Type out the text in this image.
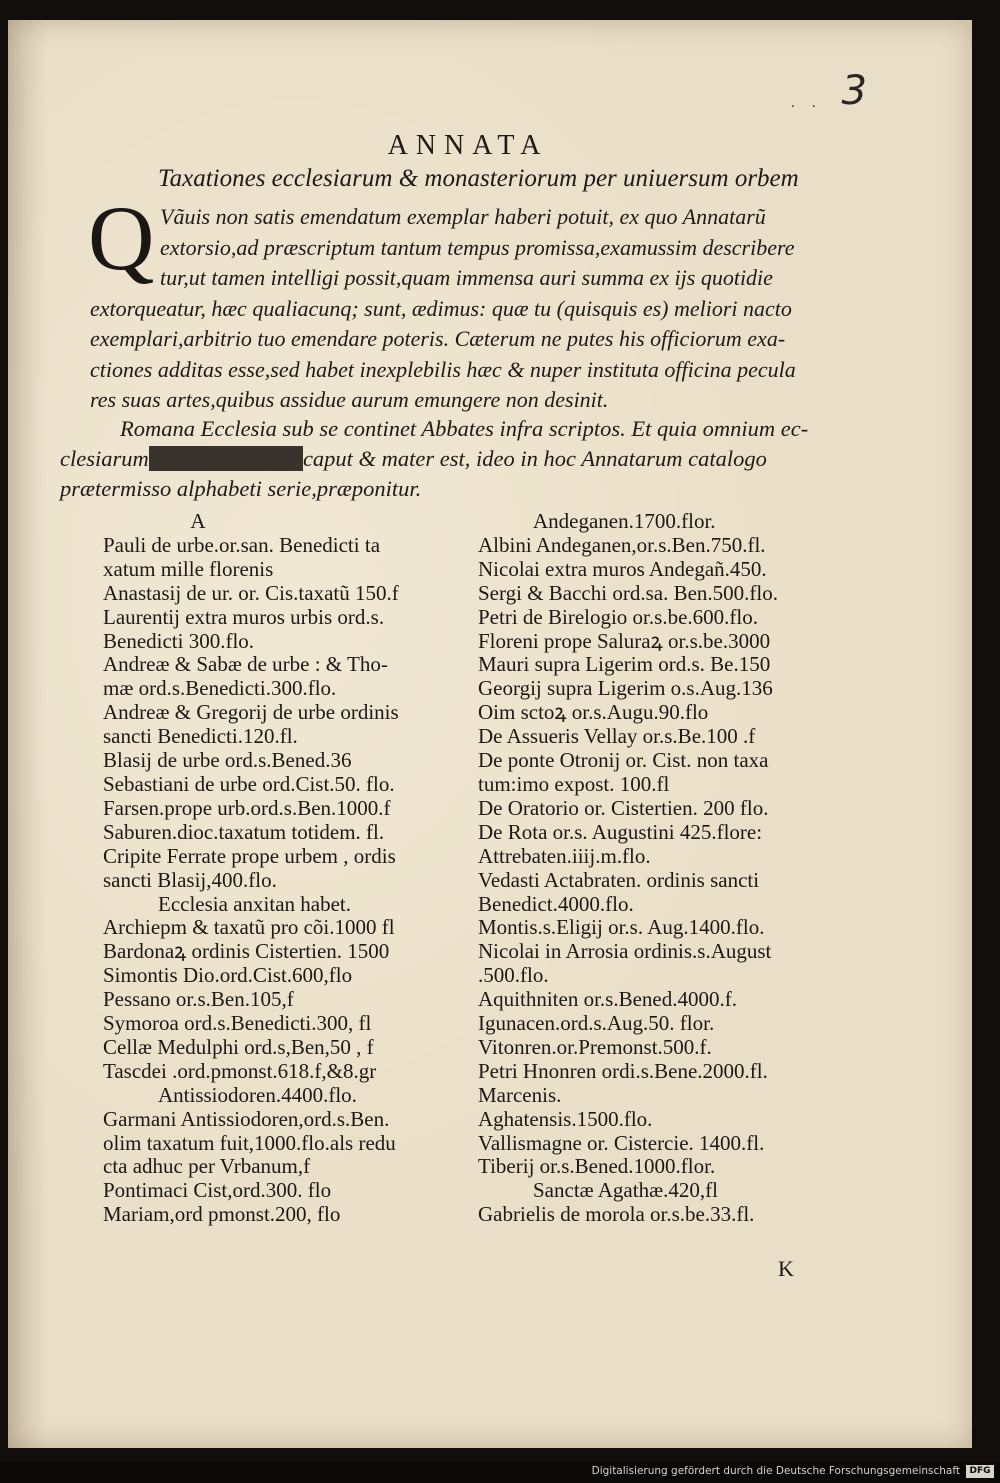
. . 3
ANNATA
Taxationes ecclesiarum & monasteriorum per uniuersum orbem
Q Vãuis non satis emendatum exemplar haberi potuit, ex quo Annatarũ
extorsio,ad præscriptum tantum tempus promissa,examussim describere
tur,ut tamen intelligi possit,quam immensa auri summa ex ijs quotidie
extorqueatur, hæc qualiacunq; sunt, ædimus: quæ tu (quisquis es) meliori nacto
exemplari,arbitrio tuo emendare poteris. Cæterum ne putes his officiorum exa-
ctiones additas esse,sed habet inexplebilis hæc & nuper instituta officina pecula
res suas artes,quibus assidue aurum emungere non desinit.
Romana Ecclesia sub se continet Abbates infra scriptos. Et quia omnium ec-
clesiarumsi credere fas estcaput & mater est, ideo in hoc Annatarum catalogo
prætermisso alphabeti serie,præponitur.
A
Pauli de urbe.or.san. Benedicti ta
xatum mille florenis
Anastasij de ur. or. Cis.taxatũ 150.f
Laurentij extra muros urbis ord.s.
Benedicti 300.flo.
Andreæ & Sabæ de urbe : & Tho-
mæ ord.s.Benedicti.300.flo.
Andreæ & Gregorij de urbe ordinis
sancti Benedicti.120.fl.
Blasij de urbe ord.s.Bened.36
Sebastiani de urbe ord.Cist.50. flo.
Farsen.prope urb.ord.s.Ben.1000.f
Saburen.dioc.taxatum totidem. fl.
Cripite Ferrate prope urbem , ordis
sancti Blasij,400.flo.
Ecclesia anxitan habet.
Archiepm & taxatũ pro cõi.1000 fl
Bardonaꝝ ordinis Cistertien. 1500
Simontis Dio.ord.Cist.600,flo
Pessano or.s.Ben.105,f
Symoroa ord.s.Benedicti.300, fl
Cellæ Medulphi ord.s,Ben,50 , f
Tascdei .ord.pmonst.618.f,&8.gr
Antissiodoren.4400.flo.
Garmani Antissiodoren,ord.s.Ben.
olim taxatum fuit,1000.flo.als redu
cta adhuc per Vrbanum,f
Pontimaci Cist,ord.300. flo
Mariam,ord pmonst.200, flo
Andeganen.1700.flor.
Albini Andeganen,or.s.Ben.750.fl.
Nicolai extra muros Andegañ.450.
Sergi & Bacchi ord.sa. Ben.500.flo.
Petri de Birelogio or.s.be.600.flo.
Floreni prope Saluraꝝ or.s.be.3000
Mauri supra Ligerim ord.s. Be.150
Georgij supra Ligerim o.s.Aug.136
Oim sctoꝝ or.s.Augu.90.flo
De Assueris Vellay or.s.Be.100 .f
De ponte Otronij or. Cist. non taxa
tum:imo expost. 100.fl
De Oratorio or. Cistertien. 200 flo.
De Rota or.s. Augustini 425.flore:
Attrebaten.iiij.m.flo.
Vedasti Actabraten. ordinis sancti
Benedict.4000.flo.
Montis.s.Eligij or.s. Aug.1400.flo.
Nicolai in Arrosia ordinis.s.August
.500.flo.
Aquithniten or.s.Bened.4000.f.
Igunacen.ord.s.Aug.50. flor.
Vitonren.or.Premonst.500.f.
Petri Hnonren ordi.s.Bene.2000.fl.
Marcenis.
Aghatensis.1500.flo.
Vallismagne or. Cistercie. 1400.fl.
Tiberij or.s.Bened.1000.flor.
Sanctæ Agathæ.420,fl
Gabrielis de morola or.s.be.33.fl.
K
Digitalisierung gefördert durch die Deutsche Forschungsgemeinschaft	DFG
